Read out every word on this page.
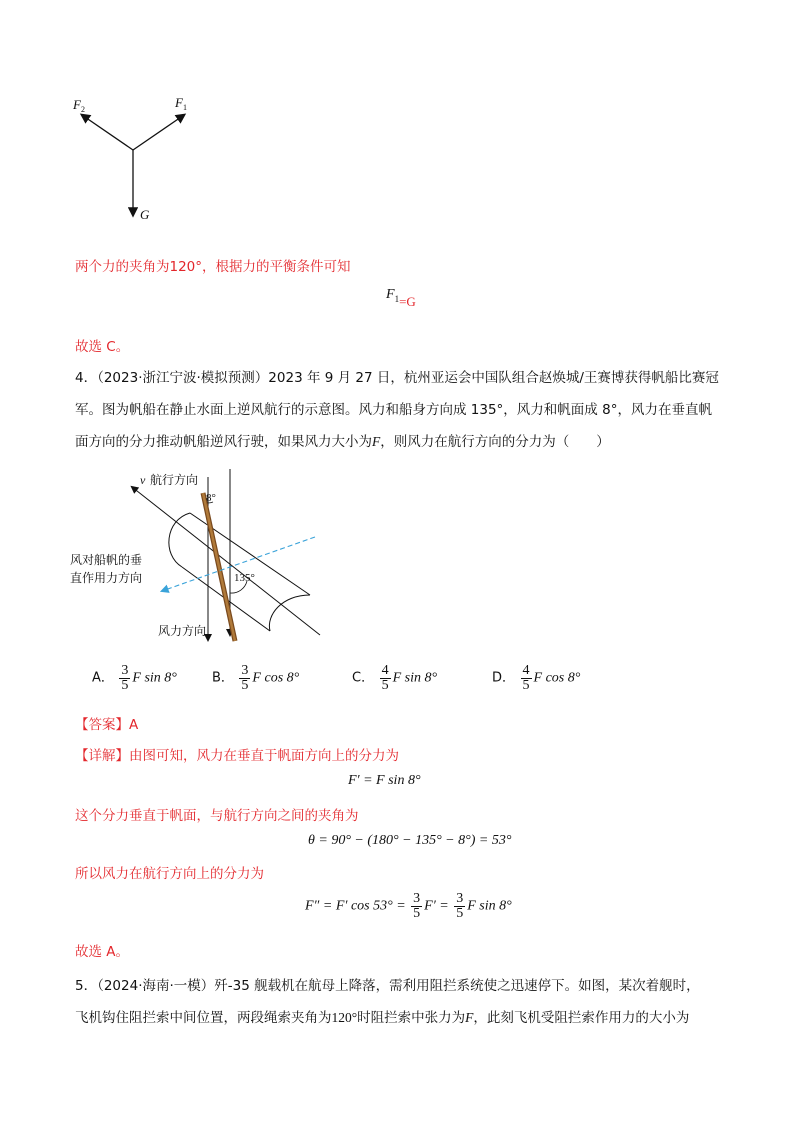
$F_2$	$F_1$
G
两个力的夹角为120°，根据力的平衡条件可知
$F_1=G$
故选 C。
4．（2023·浙江宁波·模拟预测）2023 年 9 月 27 日，杭州亚运会中国队组合赵焕城/王赛博获得帆船比赛冠
军。图为帆船在静止水面上逆风航行的示意图。风力和船身方向成 135°，风力和帆面成 8°，风力在垂直帆
面方向的分力推动帆船逆风行驶，如果风力大小为F，则风力在航行方向的分力为（　　）
v 航行方向
8°
135°
风对船帆的垂
直作用力方向
风力方向
A． $\frac{3}{5}$ F sin 8°	B． $\frac{3}{5}$ F cos 8°	C． $\frac{4}{5}$ F sin 8°	D． $\frac{4}{5}$ F cos 8°
【答案】A
【详解】由图可知，风力在垂直于帆面方向上的分力为
F′ = F sin 8°
这个分力垂直于帆面，与航行方向之间的夹角为
θ = 90° − (180° − 135° − 8°) = 53°
所以风力在航行方向上的分力为
F″ = F′ $\cos 53^\circ = \frac{3}{5} F' = \frac{3}{5}$ F sin 8°
故选 A。
5．（2024·海南·一模）歼-35 舰载机在航母上降落，需利用阻拦系统使之迅速停下。如图，某次着舰时，
飞机钩住阻拦索中间位置，两段绳索夹角为120°时阻拦索中张力为F，此刻飞机受阻拦索作用力的大小为
